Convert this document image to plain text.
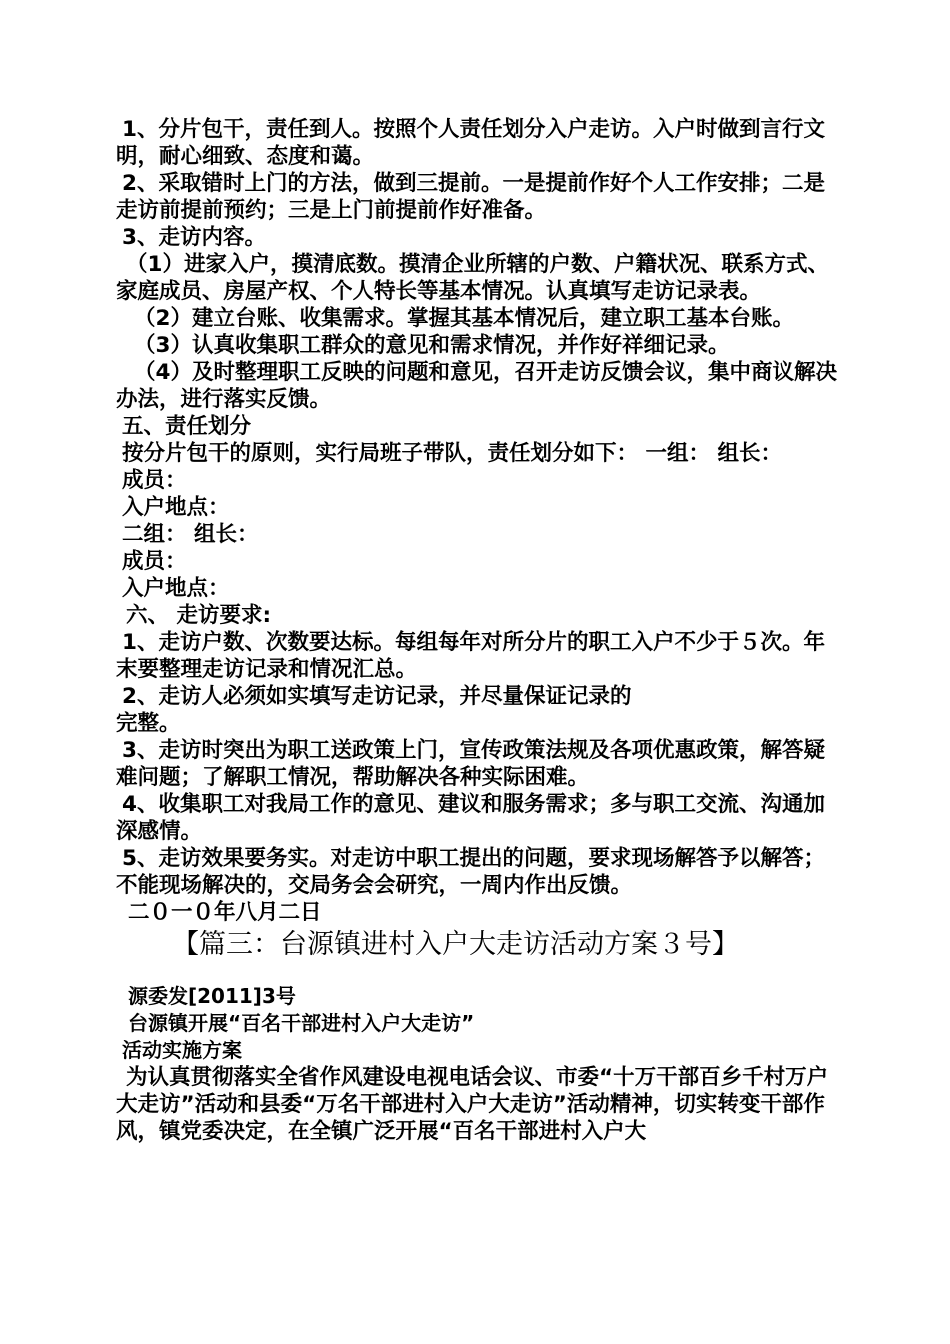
1、分片包干，责任到人。按照个人责任划分入户走访。入户时做到言行文明，耐心细致、态度和蔼。

2、采取错时上门的方法，做到三提前。一是提前作好个人工作安排；二是走访前提前预约；三是上门前提前作好准备。

3、走访内容。

（1）进家入户，摸清底数。摸清企业所辖的户数、户籍状况、联系方式、家庭成员、房屋产权、个人特长等基本情况。认真填写走访记录表。

（2）建立台账、收集需求。掌握其基本情况后，建立职工基本台账。

（3）认真收集职工群众的意见和需求情况，并作好祥细记录。

（4）及时整理职工反映的问题和意见，召开走访反馈会议，集中商议解决办法，进行落实反馈。

五、责任划分

按分片包干的原则，实行局班子带队，责任划分如下： 一组： 组长：

成员：

入户地点：

二组： 组长：

成员：

入户地点：

六、 走访要求:

1、走访户数、次数要达标。每组每年对所分片的职工入户不少于５次。年末要整理走访记录和情况汇总。

2、走访人必须如实填写走访记录，并尽量保证记录的

完整。

3、走访时突出为职工送政策上门，宣传政策法规及各项优惠政策，解答疑难问题；了解职工情况，帮助解决各种实际困难。

4、收集职工对我局工作的意见、建议和服务需求；多与职工交流、沟通加深感情。

5、走访效果要务实。对走访中职工提出的问题，要求现场解答予以解答；不能现场解决的，交局务会会研究，一周内作出反馈。

二０一０年八月二日

【篇三：台源镇进村入户大走访活动方案３号】

源委发[2011]3号

台源镇开展“百名干部进村入户大走访”

活动实施方案

为认真贯彻落实全省作风建设电视电话会议、市委“十万干部百乡千村万户大走访”活动和县委“万名干部进村入户大走访”活动精神，切实转变干部作风，镇党委决定，在全镇广泛开展“百名干部进村入户大
